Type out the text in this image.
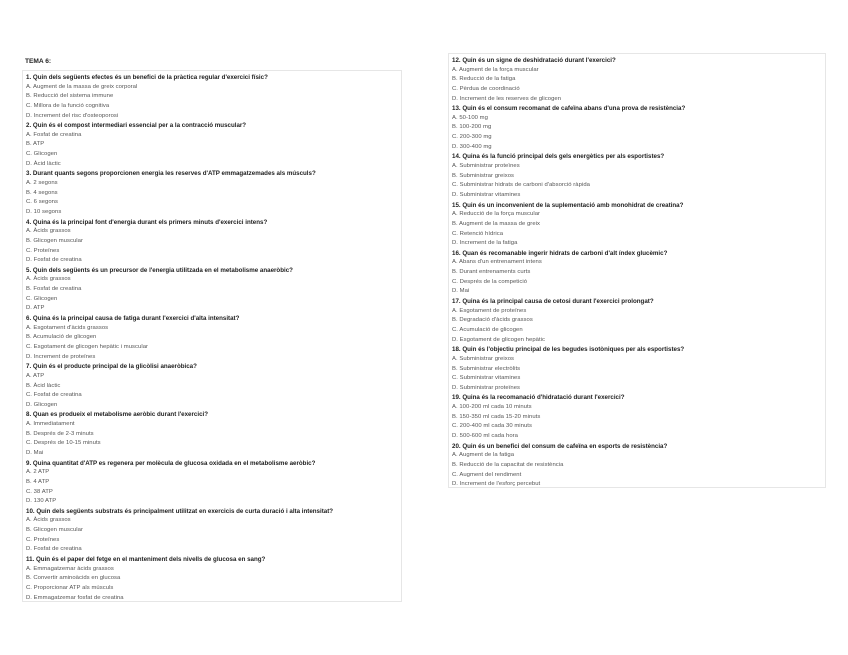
TEMA 6:
1. Quin dels següents efectes és un benefici de la pràctica regular d'exercici físic?
A. Augment de la massa de greix corporal
B. Reducció del sistema immune
C. Millora de la funció cognitiva
D. Increment del risc d'osteoporosi
2. Quin és el compost intermediari essencial per a la contracció muscular?
A. Fosfat de creatina
B. ATP
C. Glicogen
D. Àcid làctic
3. Durant quants segons proporcionen energia les reserves d'ATP emmagatzemades als músculs?
A. 2 segons
B. 4 segons
C. 6 segons
D. 10 segons
4. Quina és la principal font d'energia durant els primers minuts d'exercici intens?
A. Àcids grassos
B. Glicogen muscular
C. Proteïnes
D. Fosfat de creatina
5. Quin dels següents és un precursor de l'energia utilitzada en el metabolisme anaeròbic?
A. Àcids grassos
B. Fosfat de creatina
C. Glicogen
D. ATP
6. Quina és la principal causa de fatiga durant l'exercici d'alta intensitat?
A. Esgotament d'àcids grassos
B. Acumulació de glicogen
C. Esgotament de glicogen hepàtic i muscular
D. Increment de proteïnes
7. Quin és el producte principal de la glicòlisi anaeròbica?
A. ATP
B. Àcid làctic
C. Fosfat de creatina
D. Glicogen
8. Quan es produeix el metabolisme aeròbic durant l'exercici?
A. Immediatament
B. Després de 2-3 minuts
C. Després de 10-15 minuts
D. Mai
9. Quina quantitat d'ATP es regenera per molècula de glucosa oxidada en el metabolisme aeròbic?
A. 2 ATP
B. 4 ATP
C. 38 ATP
D. 130 ATP
10. Quin dels següents substrats és principalment utilitzat en exercicis de curta duració i alta intensitat?
A. Àcids grassos
B. Glicogen muscular
C. Proteïnes
D. Fosfat de creatina
11. Quin és el paper del fetge en el manteniment dels nivells de glucosa en sang?
A. Emmagatzemar àcids grassos
B. Convertir aminoàcids en glucosa
C. Proporcionar ATP als músculs
D. Emmagatzemar fosfat de creatina
12. Quin és un signe de deshidratació durant l'exercici?
A. Augment de la força muscular
B. Reducció de la fatiga
C. Pèrdua de coordinació
D. Increment de les reserves de glicogen
13. Quin és el consum recomanat de cafeïna abans d'una prova de resistència?
A. 50-100 mg
B. 100-200 mg
C. 200-300 mg
D. 300-400 mg
14. Quina és la funció principal dels gels energètics per als esportistes?
A. Subministrar proteïnes
B. Subministrar greixos
C. Subministrar hidrats de carboni d'absorció ràpida
D. Subministrar vitamines
15. Quin és un inconvenient de la suplementació amb monohidrat de creatina?
A. Reducció de la força muscular
B. Augment de la massa de greix
C. Retenció hídrica
D. Increment de la fatiga
16. Quan és recomanable ingerir hidrats de carboni d'alt índex glucèmic?
A. Abans d'un entrenament intens
B. Durant entrenaments curts
C. Després de la competició
D. Mai
17. Quina és la principal causa de cetosi durant l'exercici prolongat?
A. Esgotament de proteïnes
B. Degradació d'àcids grassos
C. Acumulació de glicogen
D. Esgotament de glicogen hepàtic
18. Quin és l'objectiu principal de les begudes isotòniques per als esportistes?
A. Subministrar greixos
B. Subministrar electròlits
C. Subministrar vitamines
D. Subministrar proteïnes
19. Quina és la recomanació d'hidratació durant l'exercici?
A. 100-200 ml cada 10 minuts
B. 150-350 ml cada 15-20 minuts
C. 200-400 ml cada 30 minuts
D. 500-600 ml cada hora
20. Quin és un benefici del consum de cafeïna en esports de resistència?
A. Augment de la fatiga
B. Reducció de la capacitat de resistència
C. Augment del rendiment
D. Increment de l'esforç percebut
